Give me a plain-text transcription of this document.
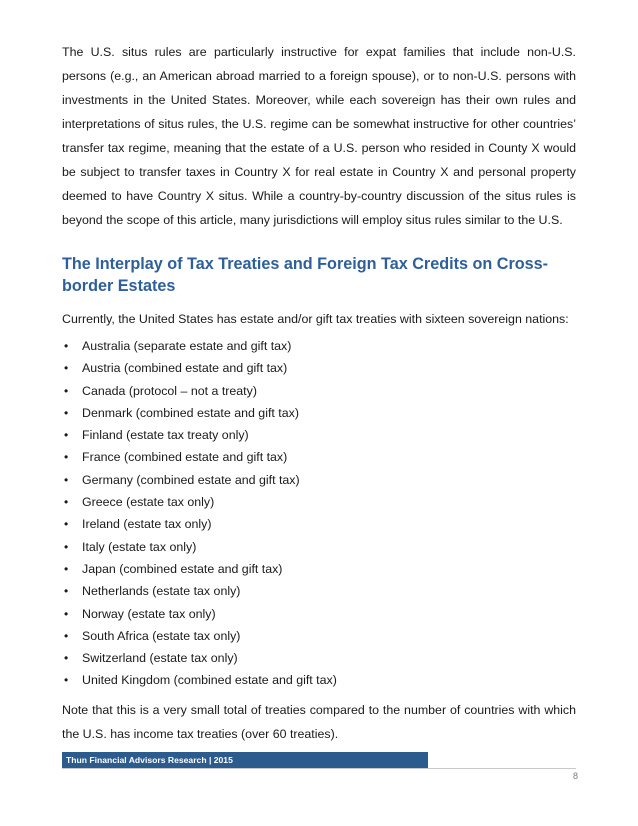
The U.S. situs rules are particularly instructive for expat families that include non-U.S. persons (e.g., an American abroad married to a foreign spouse), or to non-U.S. persons with investments in the United States. Moreover, while each sovereign has their own rules and interpretations of situs rules, the U.S. regime can be somewhat instructive for other countries’ transfer tax regime, meaning that the estate of a U.S. person who resided in County X would be subject to transfer taxes in Country X for real estate in Country X and personal property deemed to have Country X situs. While a country-by-country discussion of the situs rules is beyond the scope of this article, many jurisdictions will employ situs rules similar to the U.S.

The Interplay of Tax Treaties and Foreign Tax Credits on Cross-border Estates

Currently, the United States has estate and/or gift tax treaties with sixteen sovereign nations:

• Australia (separate estate and gift tax)
• Austria (combined estate and gift tax)
• Canada (protocol – not a treaty)
• Denmark (combined estate and gift tax)
• Finland (estate tax treaty only)
• France (combined estate and gift tax)
• Germany (combined estate and gift tax)
• Greece (estate tax only)
• Ireland (estate tax only)
• Italy (estate tax only)
• Japan (combined estate and gift tax)
• Netherlands (estate tax only)
• Norway (estate tax only)
• South Africa (estate tax only)
• Switzerland (estate tax only)
• United Kingdom (combined estate and gift tax)

Note that this is a very small total of treaties compared to the number of countries with which the U.S. has income tax treaties (over 60 treaties).

Thun Financial Advisors Research | 2015
8
